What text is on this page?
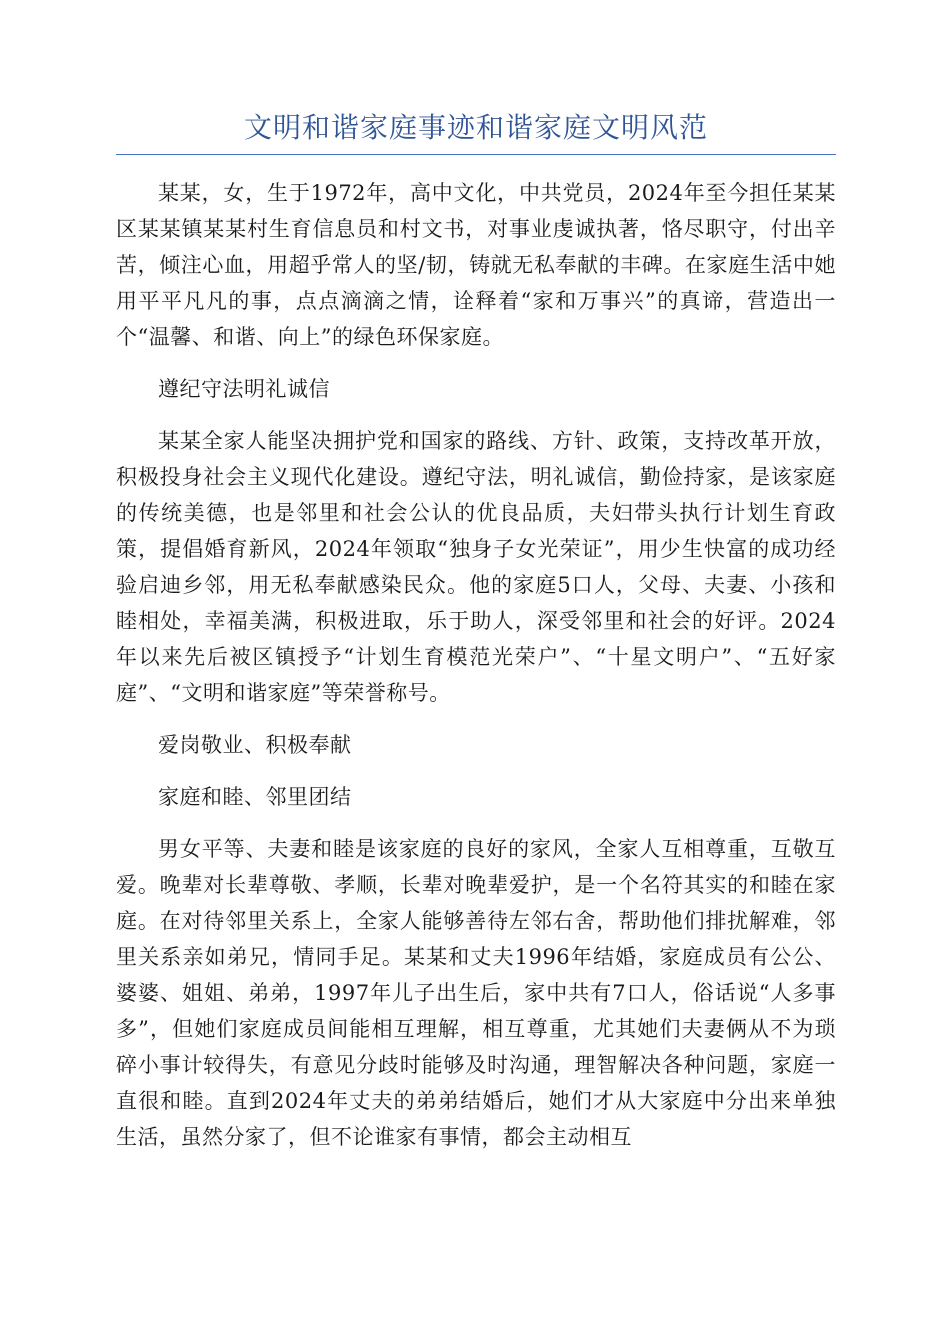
文明和谐家庭事迹和谐家庭文明风范

某某，女，生于1972年，高中文化，中共党员，2024年至今担任某某区某某镇某某村生育信息员和村文书，对事业虔诚执著，恪尽职守，付出辛苦，倾注心血，用超乎常人的坚/韧，铸就无私奉献的丰碑。在家庭生活中她用平平凡凡的事，点点滴滴之情，诠释着“家和万事兴”的真谛，营造出一个“温馨、和谐、向上”的绿色环保家庭。

遵纪守法明礼诚信

某某全家人能坚决拥护党和国家的路线、方针、政策，支持改革开放，积极投身社会主义现代化建设。遵纪守法，明礼诚信，勤俭持家，是该家庭的传统美德，也是邻里和社会公认的优良品质，夫妇带头执行计划生育政策，提倡婚育新风，2024年领取“独身子女光荣证”，用少生快富的成功经验启迪乡邻，用无私奉献感染民众。他的家庭5口人，父母、夫妻、小孩和睦相处，幸福美满，积极进取，乐于助人，深受邻里和社会的好评。2024年以来先后被区镇授予“计划生育模范光荣户”、“十星文明户”、“五好家庭”、“文明和谐家庭”等荣誉称号。

爱岗敬业、积极奉献

家庭和睦、邻里团结

男女平等、夫妻和睦是该家庭的良好的家风，全家人互相尊重，互敬互爱。晚辈对长辈尊敬、孝顺，长辈对晚辈爱护，是一个名符其实的和睦在家庭。在对待邻里关系上，全家人能够善待左邻右舍，帮助他们排扰解难，邻里关系亲如弟兄，情同手足。某某和丈夫1996年结婚，家庭成员有公公、婆婆、姐姐、弟弟，1997年儿子出生后，家中共有7口人，俗话说“人多事多”，但她们家庭成员间能相互理解，相互尊重，尤其她们夫妻俩从不为琐碎小事计较得失，有意见分歧时能够及时沟通，理智解决各种问题，家庭一直很和睦。直到2024年丈夫的弟弟结婚后，她们才从大家庭中分出来单独生活，虽然分家了，但不论谁家有事情，都会主动相互
